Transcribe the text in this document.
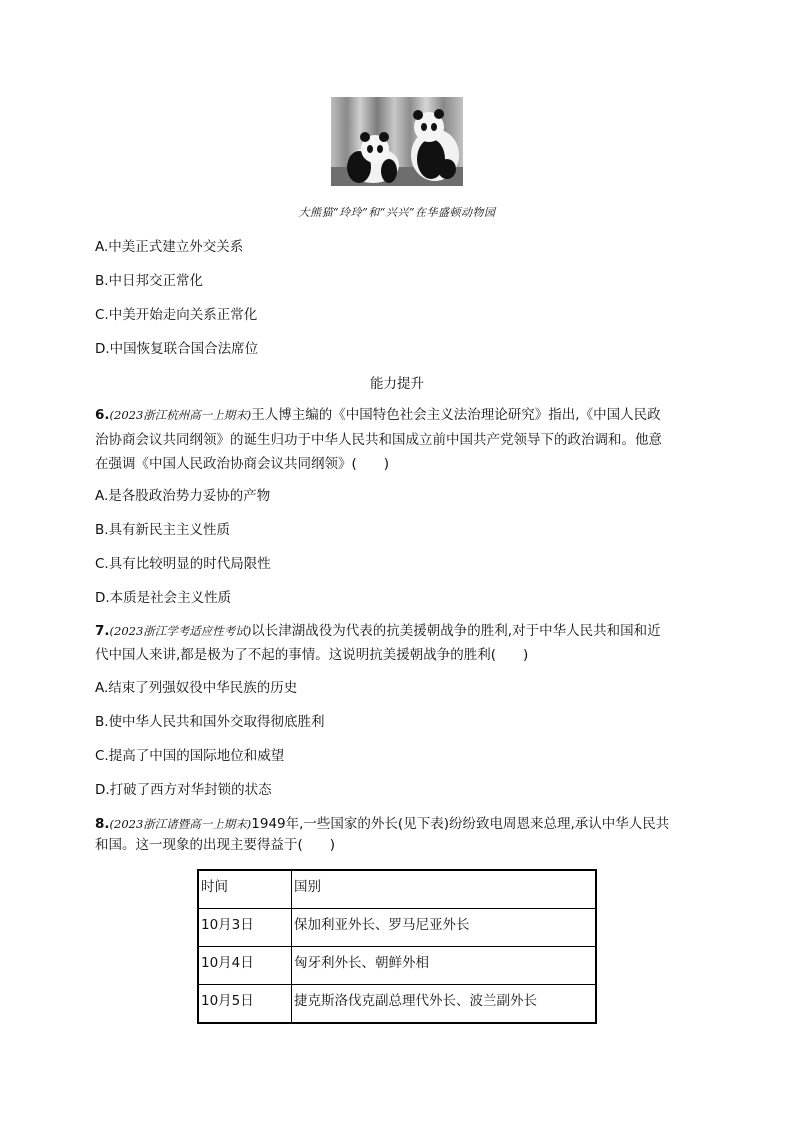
大熊猫“玲玲”和“兴兴”在华盛顿动物园
A.中美正式建立外交关系
B.中日邦交正常化
C.中美开始走向关系正常化
D.中国恢复联合国合法席位
能力提升
6.(2023浙江杭州高一上期末)王人博主编的《中国特色社会主义法治理论研究》指出,《中国人民政
治协商会议共同纲领》的诞生归功于中华人民共和国成立前中国共产党领导下的政治调和。他意
在强调《中国人民政治协商会议共同纲领》(　　)
A.是各股政治势力妥协的产物
B.具有新民主主义性质
C.具有比较明显的时代局限性
D.本质是社会主义性质
7.(2023浙江学考适应性考试)以长津湖战役为代表的抗美援朝战争的胜利,对于中华人民共和国和近
代中国人来讲,都是极为了不起的事情。这说明抗美援朝战争的胜利(　　)
A.结束了列强奴役中华民族的历史
B.使中华人民共和国外交取得彻底胜利
C.提高了中国的国际地位和威望
D.打破了西方对华封锁的状态
8.(2023浙江诸暨高一上期末)1949年,一些国家的外长(见下表)纷纷致电周恩来总理,承认中华人民共
和国。这一现象的出现主要得益于(　　)
时间	国别
10月3日	保加利亚外长、罗马尼亚外长
10月4日	匈牙利外长、朝鲜外相
10月5日	捷克斯洛伐克副总理代外长、波兰副外长
